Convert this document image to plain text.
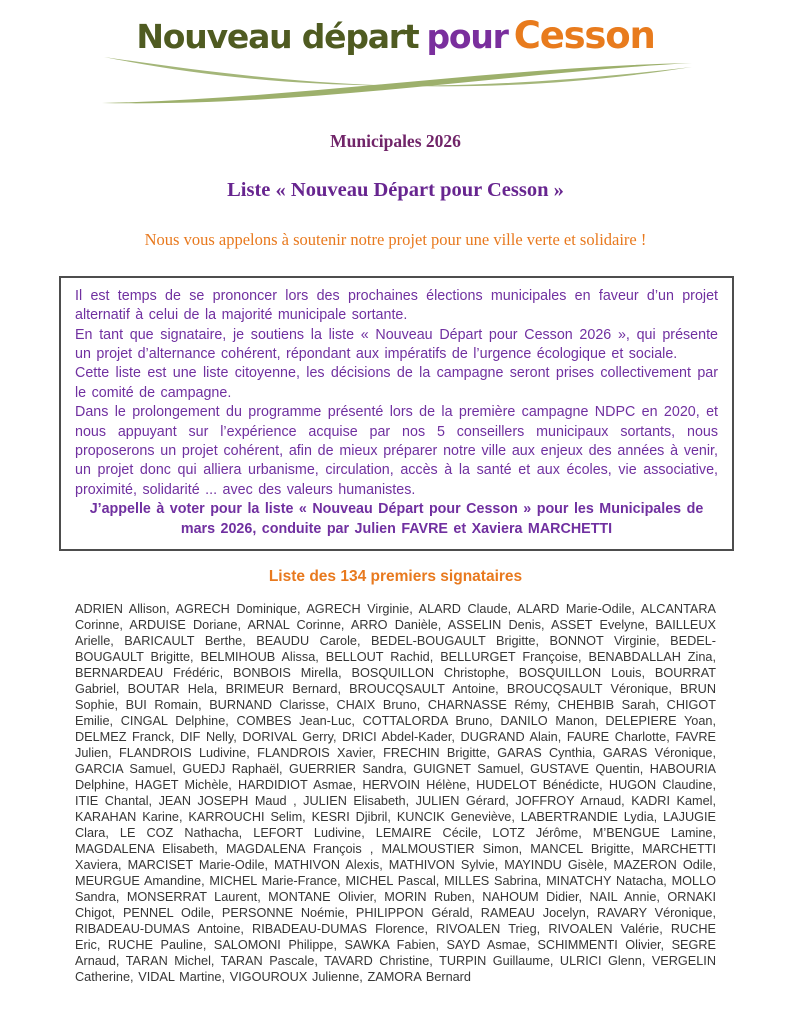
Nouveau départ pour Cesson
Municipales 2026
Liste « Nouveau Départ pour Cesson »
Nous vous appelons à soutenir notre projet pour une ville verte et solidaire !

Il est temps de se prononcer lors des prochaines élections municipales en faveur d’un projet alternatif à celui de la majorité municipale sortante.

En tant que signataire, je soutiens la liste « Nouveau Départ pour Cesson 2026 », qui présente un projet d’alternance cohérent, répondant aux impératifs de l’urgence écologique et sociale.

Cette liste est une liste citoyenne, les décisions de la campagne seront prises collectivement par le comité de campagne.

Dans le prolongement du programme présenté lors de la première campagne NDPC en 2020, et nous appuyant sur l’expérience acquise par nos 5 conseillers municipaux sortants, nous proposerons un projet cohérent, afin de mieux préparer notre ville aux enjeux des années à venir, un projet donc qui alliera urbanisme, circulation, accès à la santé et aux écoles, vie associative, proximité, solidarité ... avec des valeurs humanistes.

J’appelle à voter pour la liste « Nouveau Départ pour Cesson » pour les Municipales de mars 2026, conduite par Julien FAVRE et Xaviera MARCHETTI

Liste des 134 premiers signataires
ADRIEN Allison, AGRECH Dominique, AGRECH Virginie, ALARD Claude, ALARD Marie-Odile, ALCANTARA Corinne, ARDUISE Doriane, ARNAL Corinne, ARRO Danièle, ASSELIN Denis, ASSET Evelyne, BAILLEUX Arielle, BARICAULT Berthe, BEAUDU Carole, BEDEL-BOUGAULT Brigitte, BONNOT Virginie, BEDEL-BOUGAULT Brigitte, BELMIHOUB Alissa, BELLOUT Rachid, BELLURGET Françoise, BENABDALLAH Zina, BERNARDEAU Frédéric, BONBOIS Mirella, BOSQUILLON Christophe, BOSQUILLON Louis, BOURRAT Gabriel, BOUTAR Hela, BRIMEUR Bernard, BROUCQSAULT Antoine, BROUCQSAULT Véronique, BRUN Sophie, BUI Romain, BURNAND Clarisse, CHAIX Bruno, CHARNASSE Rémy, CHEHBIB Sarah, CHIGOT Emilie, CINGAL Delphine, COMBES Jean-Luc, COTTALORDA Bruno, DANILO Manon, DELEPIERE Yoan, DELMEZ Franck, DIF Nelly, DORIVAL Gerry, DRICI Abdel-Kader, DUGRAND Alain, FAURE Charlotte, FAVRE Julien, FLANDROIS Ludivine, FLANDROIS Xavier, FRECHIN Brigitte, GARAS Cynthia, GARAS Véronique, GARCIA Samuel, GUEDJ Raphaël, GUERRIER Sandra, GUIGNET Samuel, GUSTAVE Quentin, HABOURIA Delphine, HAGET Michèle, HARDIDIOT Asmae, HERVOIN Hélène, HUDELOT Bénédicte, HUGON Claudine, ITIE Chantal, JEAN JOSEPH Maud , JULIEN Elisabeth, JULIEN Gérard, JOFFROY Arnaud, KADRI Kamel, KARAHAN Karine, KARROUCHI Selim, KESRI Djibril, KUNCIK Geneviève, LABERTRANDIE Lydia, LAJUGIE Clara, LE COZ Nathacha, LEFORT Ludivine, LEMAIRE Cécile, LOTZ Jérôme, M’BENGUE Lamine, MAGDALENA Elisabeth, MAGDALENA François , MALMOUSTIER Simon, MANCEL Brigitte, MARCHETTI Xaviera, MARCISET Marie-Odile, MATHIVON Alexis, MATHIVON Sylvie, MAYINDU Gisèle, MAZERON Odile, MEURGUE Amandine, MICHEL Marie-France, MICHEL Pascal, MILLES Sabrina, MINATCHY Natacha, MOLLO Sandra, MONSERRAT Laurent, MONTANE Olivier, MORIN Ruben, NAHOUM Didier, NAIL Annie, ORNAKI Chigot, PENNEL Odile, PERSONNE Noémie, PHILIPPON Gérald, RAMEAU Jocelyn, RAVARY Véronique, RIBADEAU-DUMAS Antoine, RIBADEAU-DUMAS Florence, RIVOALEN Trieg, RIVOALEN Valérie, RUCHE Eric, RUCHE Pauline, SALOMONI Philippe, SAWKA Fabien, SAYD Asmae, SCHIMMENTI Olivier, SEGRE Arnaud, TARAN Michel, TARAN Pascale, TAVARD Christine, TURPIN Guillaume, ULRICI Glenn, VERGELIN Catherine, VIDAL Martine, VIGOUROUX Julienne, ZAMORA Bernard
